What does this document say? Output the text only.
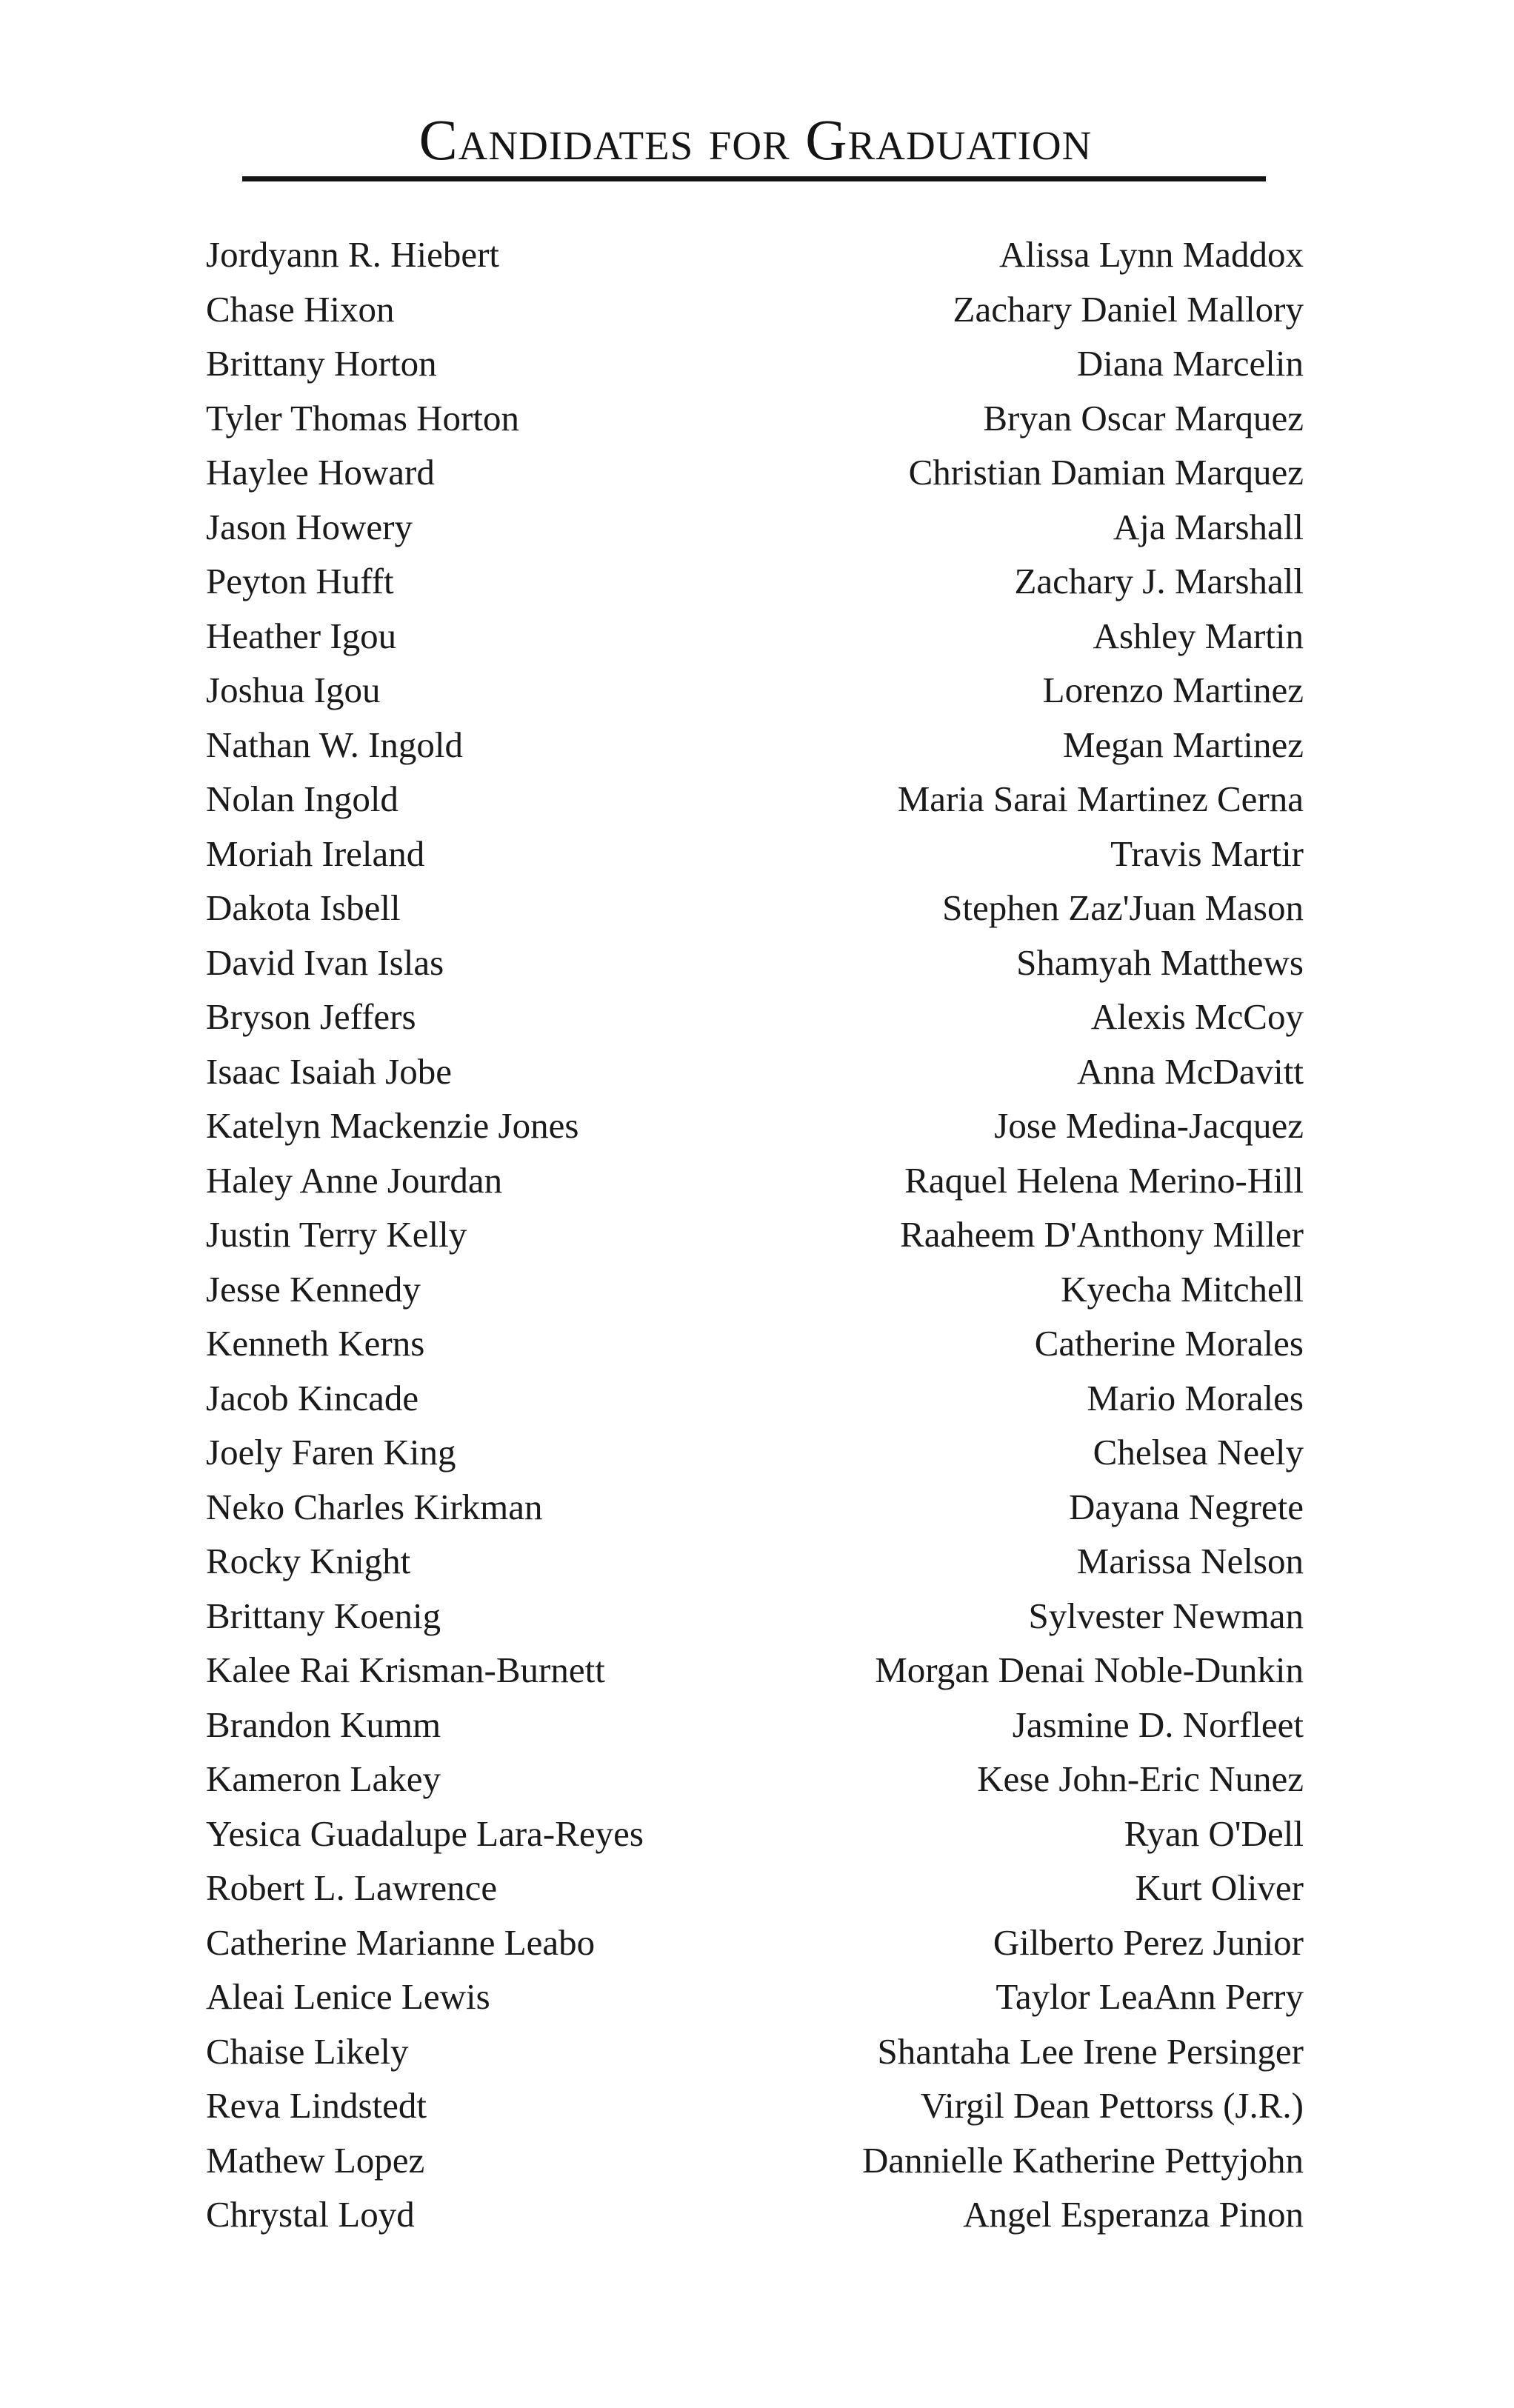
Candidates for Graduation
Jordyann R. Hiebert
Chase Hixon
Brittany Horton
Tyler Thomas Horton
Haylee Howard
Jason Howery
Peyton Hufft
Heather Igou
Joshua Igou
Nathan W. Ingold
Nolan Ingold
Moriah Ireland
Dakota Isbell
David Ivan Islas
Bryson Jeffers
Isaac Isaiah Jobe
Katelyn Mackenzie Jones
Haley Anne Jourdan
Justin Terry Kelly
Jesse Kennedy
Kenneth Kerns
Jacob Kincade
Joely Faren King
Neko Charles Kirkman
Rocky Knight
Brittany Koenig
Kalee Rai Krisman-Burnett
Brandon Kumm
Kameron Lakey
Yesica Guadalupe Lara-Reyes
Robert L. Lawrence
Catherine Marianne Leabo
Aleai Lenice Lewis
Chaise Likely
Reva Lindstedt
Mathew Lopez
Chrystal Loyd
Alissa Lynn Maddox
Zachary Daniel Mallory
Diana Marcelin
Bryan Oscar Marquez
Christian Damian Marquez
Aja Marshall
Zachary J. Marshall
Ashley Martin
Lorenzo Martinez
Megan Martinez
Maria Sarai Martinez Cerna
Travis Martir
Stephen Zaz'Juan Mason
Shamyah Matthews
Alexis McCoy
Anna McDavitt
Jose Medina-Jacquez
Raquel Helena Merino-Hill
Raaheem D'Anthony Miller
Kyecha Mitchell
Catherine Morales
Mario Morales
Chelsea Neely
Dayana Negrete
Marissa Nelson
Sylvester Newman
Morgan Denai Noble-Dunkin
Jasmine D. Norfleet
Kese John-Eric Nunez
Ryan O'Dell
Kurt Oliver
Gilberto Perez Junior
Taylor LeaAnn Perry
Shantaha Lee Irene Persinger
Virgil Dean Pettorss (J.R.)
Dannielle Katherine Pettyjohn
Angel Esperanza Pinon
